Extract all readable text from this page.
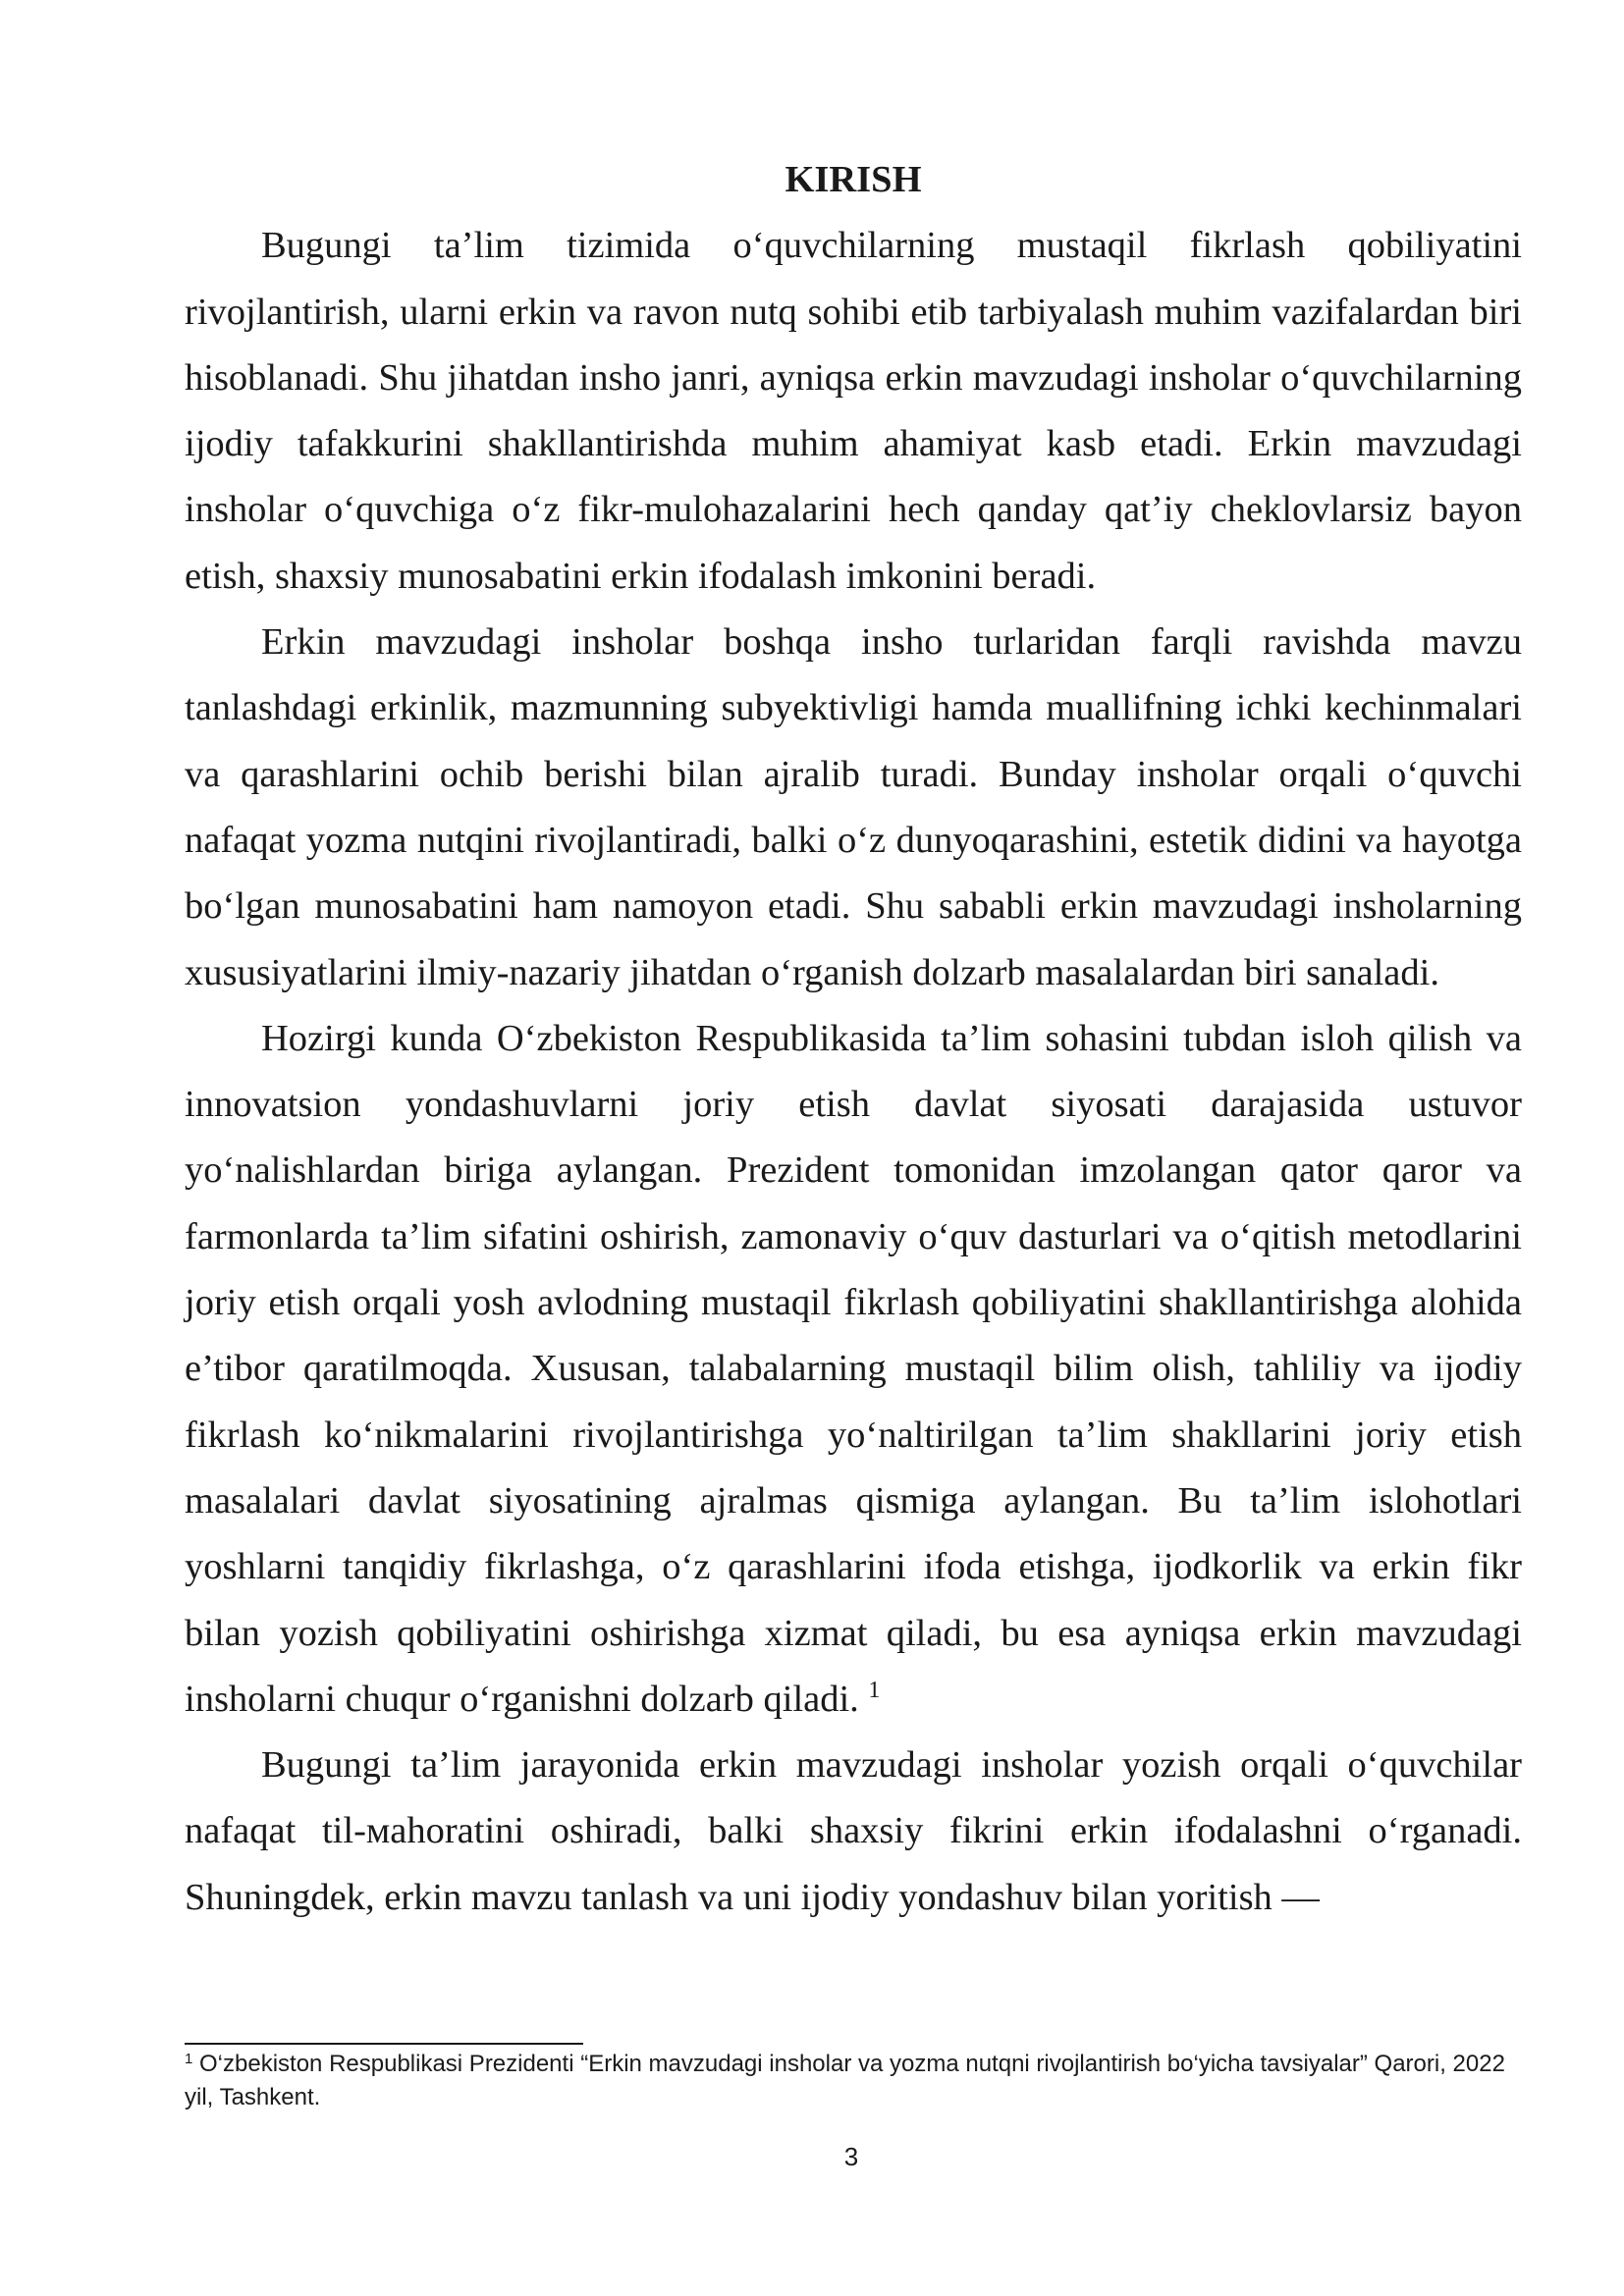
KIRISH

Bugungi ta’lim tizimida o‘quvchilarning mustaqil fikrlash qobiliyatini rivojlantirish, ularni erkin va ravon nutq sohibi etib tarbiyalash muhim vazifalardan biri hisoblanadi. Shu jihatdan insho janri, ayniqsa erkin mavzudagi insholar o‘quvchilarning ijodiy tafakkurini shakllantirishda muhim ahamiyat kasb etadi. Erkin mavzudagi insholar o‘quvchiga o‘z fikr-mulohazalarini hech qanday qat’iy cheklovlarsiz bayon etish, shaxsiy munosabatini erkin ifodalash imkonini beradi.

Erkin mavzudagi insholar boshqa insho turlaridan farqli ravishda mavzu tanlashdagi erkinlik, mazmunning subyektivligi hamda muallifning ichki kechinmalari va qarashlarini ochib berishi bilan ajralib turadi. Bunday insholar orqali o‘quvchi nafaqat yozma nutqini rivojlantiradi, balki o‘z dunyoqarashini, estetik didini va hayotga bo‘lgan munosabatini ham namoyon etadi. Shu sababli erkin mavzudagi insholarning xususiyatlarini ilmiy-nazariy jihatdan o‘rganish dolzarb masalalardan biri sanaladi.

Hozirgi kunda O‘zbekiston Respublikasida ta’lim sohasini tubdan isloh qilish va innovatsion yondashuvlarni joriy etish davlat siyosati darajasida ustuvor yo‘nalishlardan biriga aylangan. Prezident tomonidan imzolangan qator qaror va farmonlarda ta’lim sifatini oshirish, zamonaviy o‘quv dasturlari va o‘qitish metodlarini joriy etish orqali yosh avlodning mustaqil fikrlash qobiliyatini shakllantirishga alohida e’tibor qaratilmoqda. Xususan, talabalarning mustaqil bilim olish, tahliliy va ijodiy fikrlash ko‘nikmalarini rivojlantirishga yo‘naltirilgan ta’lim shakllarini joriy etish masalalari davlat siyosatining ajralmas qismiga aylangan. Bu ta’lim islohotlari yoshlarni tanqidiy fikrlashga, o‘z qarashlarini ifoda etishga, ijodkorlik va erkin fikr bilan yozish qobiliyatini oshirishga xizmat qiladi, bu esa ayniqsa erkin mavzudagi insholarni chuqur o‘rganishni dolzarb qiladi. $^1$

Bugungi ta’lim jarayonida erkin mavzudagi insholar yozish orqali o‘quvchilar nafaqat til-мahoratini oshiradi, balki shaxsiy fikrini erkin ifodalashni o‘rganadi. Shuningdek, erkin mavzu tanlash va uni ijodiy yondashuv bilan yoritish —

$^1$ O‘zbekiston Respublikasi Prezidenti “Erkin mavzudagi insholar va yozma nutqni rivojlantirish bo‘yicha tavsiyalar” Qarori, 2022 yil, Tashkent.

3
